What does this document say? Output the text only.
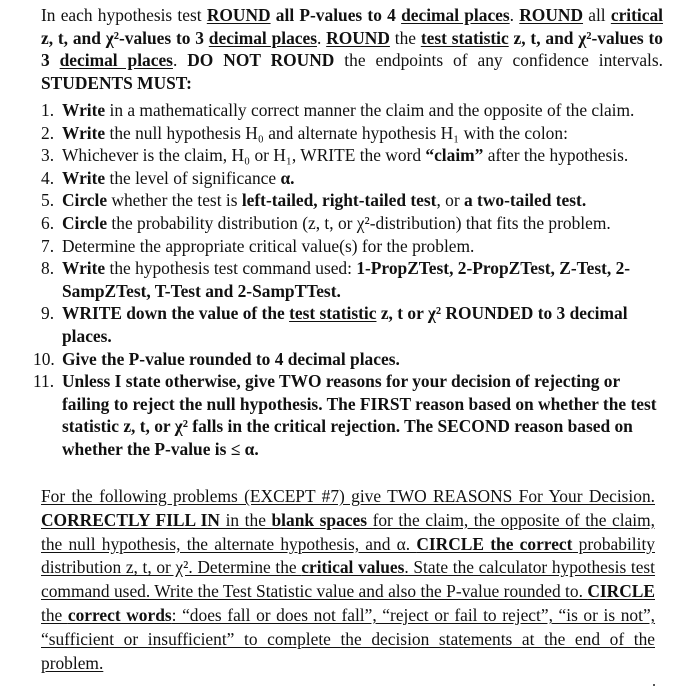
In each hypothesis test ROUND all P-values to 4 decimal places. ROUND all critical z, t, and χ²-values to 3 decimal places. ROUND the test statistic z, t, and χ²-values to 3 decimal places. DO NOT ROUND the endpoints of any confidence intervals. STUDENTS MUST:

1. Write in a mathematically correct manner the claim and the opposite of the claim.
2. Write the null hypothesis H₀ and alternate hypothesis H₁ with the colon:
3. Whichever is the claim, H₀ or H₁, WRITE the word “claim” after the hypothesis.
4. Write the level of significance α.
5. Circle whether the test is left-tailed, right-tailed test, or a two-tailed test.
6. Circle the probability distribution (z, t, or χ²-distribution) that fits the problem.
7. Determine the appropriate critical value(s) for the problem.
8. Write the hypothesis test command used: 1-PropZTest, 2-PropZTest, Z-Test, 2-SampZTest, T-Test and 2-SampTTest.
9. WRITE down the value of the test statistic z, t or χ² ROUNDED to 3 decimal places.
10. Give the P-value rounded to 4 decimal places.
11. Unless I state otherwise, give TWO reasons for your decision of rejecting or failing to reject the null hypothesis. The FIRST reason based on whether the test statistic z, t, or χ² falls in the critical rejection. The SECOND reason based on whether the P-value is ≤ α.

For the following problems (EXCEPT #7) give TWO REASONS For Your Decision. CORRECTLY FILL IN in the blank spaces for the claim, the opposite of the claim, the null hypothesis, the alternate hypothesis, and α. CIRCLE the correct probability distribution z, t, or χ². Determine the critical values. State the calculator hypothesis test command used. Write the Test Statistic value and also the P-value rounded to. CIRCLE the correct words: “does fall or does not fall”, “reject or fail to reject”, “is or is not”, “sufficient or insufficient” to complete the decision statements at the end of the problem.
